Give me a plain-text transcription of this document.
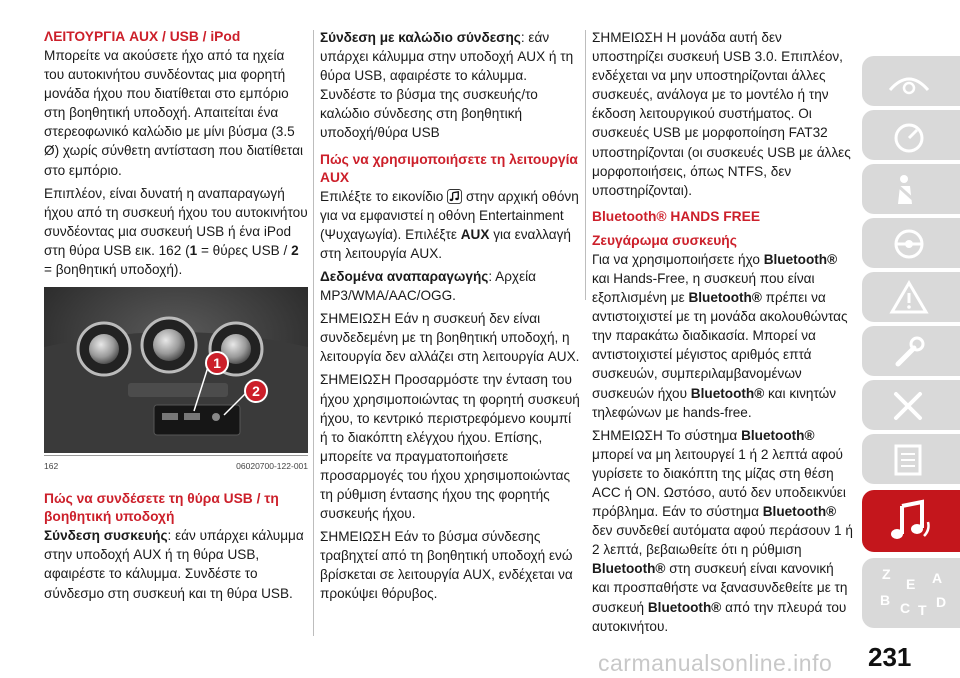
ΛΕΙΤΟΥΡΓΙΑ AUX / USB / iPod

Μπορείτε να ακούσετε ήχο από τα ηχεία του αυτοκινήτου συνδέοντας μια φορητή μονάδα ήχου που διατίθεται στο εμπόριο στη βοηθητική υποδοχή. Απαιτείται ένα στερεοφωνικό καλώδιο με μίνι βύσμα (3.5 Ø) χωρίς σύνθετη αντίσταση που διατίθεται στο εμπόριο.

Επιπλέον, είναι δυνατή η αναπαραγωγή ήχου από τη συσκευή ήχου του αυτοκινήτου συνδέοντας μια συσκευή USB ή ένα iPod στη θύρα USB εικ. 162 (1 = θύρες USB / 2 = βοηθητική υποδοχή).

1
2
162	06020700-122-001
Πώς να συνδέσετε τη θύρα USB / τη βοηθητική υποδοχή

Σύνδεση συσκευής: εάν υπάρχει κάλυμμα στην υποδοχή AUX ή τη θύρα USB, αφαιρέστε το κάλυμμα. Συνδέστε το σύνδεσμο στη συσκευή και τη θύρα USB.

Σύνδεση με καλώδιο σύνδεσης: εάν υπάρχει κάλυμμα στην υποδοχή AUX ή τη θύρα USB, αφαιρέστε το κάλυμμα. Συνδέστε το βύσμα της συσκευής/το καλώδιο σύνδεσης στη βοηθητική υποδοχή/θύρα USB

Πώς να χρησιμοποιήσετε τη λειτουργία AUX

Επιλέξτε το εικονίδιο στην αρχική οθόνη για να εμφανιστεί η οθόνη Entertainment (Ψυχαγωγία). Επιλέξτε AUX για εναλλαγή στη λειτουργία AUX.

Δεδομένα αναπαραγωγής: Αρχεία MP3/WMA/AAC/OGG.

ΣΗΜΕΙΩΣΗ Εάν η συσκευή δεν είναι συνδεδεμένη με τη βοηθητική υποδοχή, η λειτουργία δεν αλλάζει στη λειτουργία AUX.

ΣΗΜΕΙΩΣΗ Προσαρμόστε την ένταση του ήχου χρησιμοποιώντας τη φορητή συσκευή ήχου, το κεντρικό περιστρεφόμενο κουμπί ή το διακόπτη ελέγχου ήχου. Επίσης, μπορείτε να πραγματοποιήσετε προσαρμογές του ήχου χρησιμοποιώντας τη ρύθμιση έντασης ήχου της φορητής συσκευής ήχου.

ΣΗΜΕΙΩΣΗ Εάν το βύσμα σύνδεσης τραβηχτεί από τη βοηθητική υποδοχή ενώ βρίσκεται σε λειτουργία AUX, ενδέχεται να προκύψει θόρυβος.

ΣΗΜΕΙΩΣΗ Η μονάδα αυτή δεν υποστηρίζει συσκευή USB 3.0. Επιπλέον, ενδέχεται να μην υποστηρίζονται άλλες συσκευές, ανάλογα με το μοντέλο ή την έκδοση λειτουργικού συστήματος. Οι συσκευές USB με μορφοποίηση FAT32 υποστηρίζονται (οι συσκευές USB με άλλες μορφοποιήσεις, όπως NTFS, δεν υποστηρίζονται).

Bluetooth® HANDS FREE
Ζευγάρωμα συσκευής

Για να χρησιμοποιήσετε ήχο Bluetooth® και Hands-Free, η συσκευή που είναι εξοπλισμένη με Bluetooth® πρέπει να αντιστοιχιστεί με τη μονάδα ακολουθώντας την παρακάτω διαδικασία. Μπορεί να αντιστοιχιστεί μέγιστος αριθμός επτά συσκευών, συμπεριλαμβανομένων συσκευών ήχου Bluetooth® και κινητών τηλεφώνων με hands-free.

ΣΗΜΕΙΩΣΗ Το σύστημα Bluetooth® μπορεί να μη λειτουργεί 1 ή 2 λεπτά αφού γυρίσετε το διακόπτη της μίζας στη θέση ACC ή ON. Ωστόσο, αυτό δεν υποδεικνύει πρόβλημα. Εάν το σύστημα Bluetooth® δεν συνδεθεί αυτόματα αφού περάσουν 1 ή 2 λεπτά, βεβαιωθείτε ότι η ρύθμιση Bluetooth® στη συσκευή είναι κανονική και προσπαθήστε να ξανασυνδεθείτε με τη συσκευή Bluetooth® από την πλευρά του αυτοκινήτου.

Z
E A
B C T D
231
carmanualsonline.info
